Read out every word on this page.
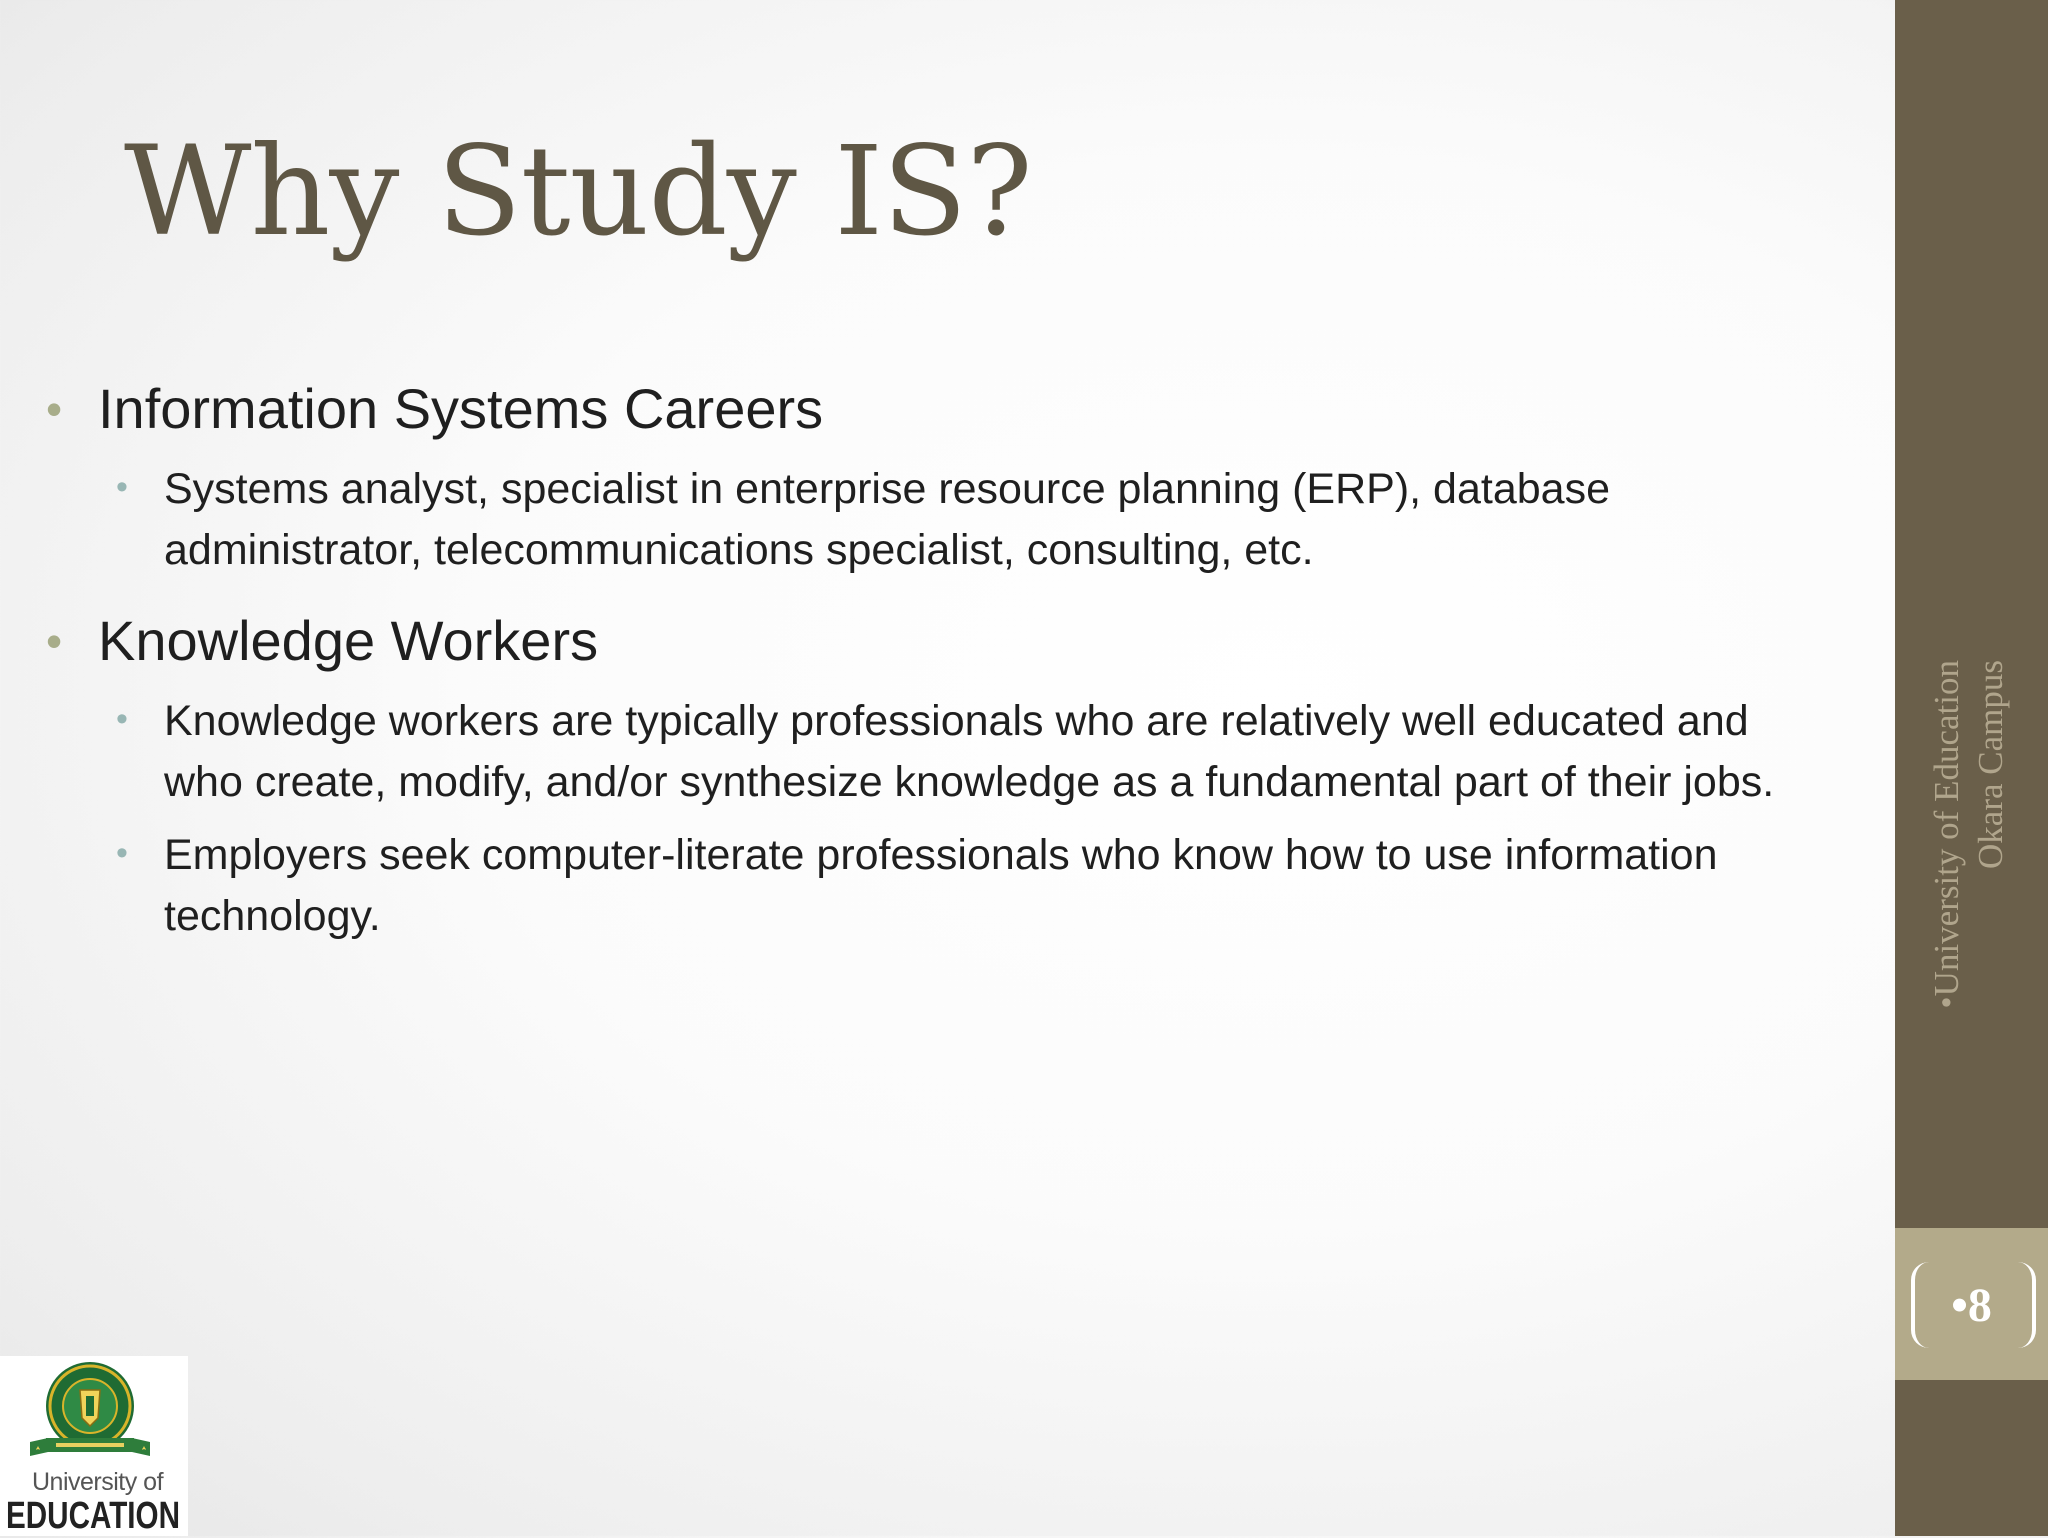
Why Study IS?

• Information Systems Careers

• Systems analyst, specialist in enterprise resource planning (ERP), database administrator, telecommunications specialist, consulting, etc.

• Knowledge Workers

• Knowledge workers are typically professionals who are relatively well educated and who create, modify, and/or synthesize knowledge as a fundamental part of their jobs.

• Employers seek computer-literate professionals who know how to use information technology.	•University of Education Okara Campus
•8
University of
EDUCATION
